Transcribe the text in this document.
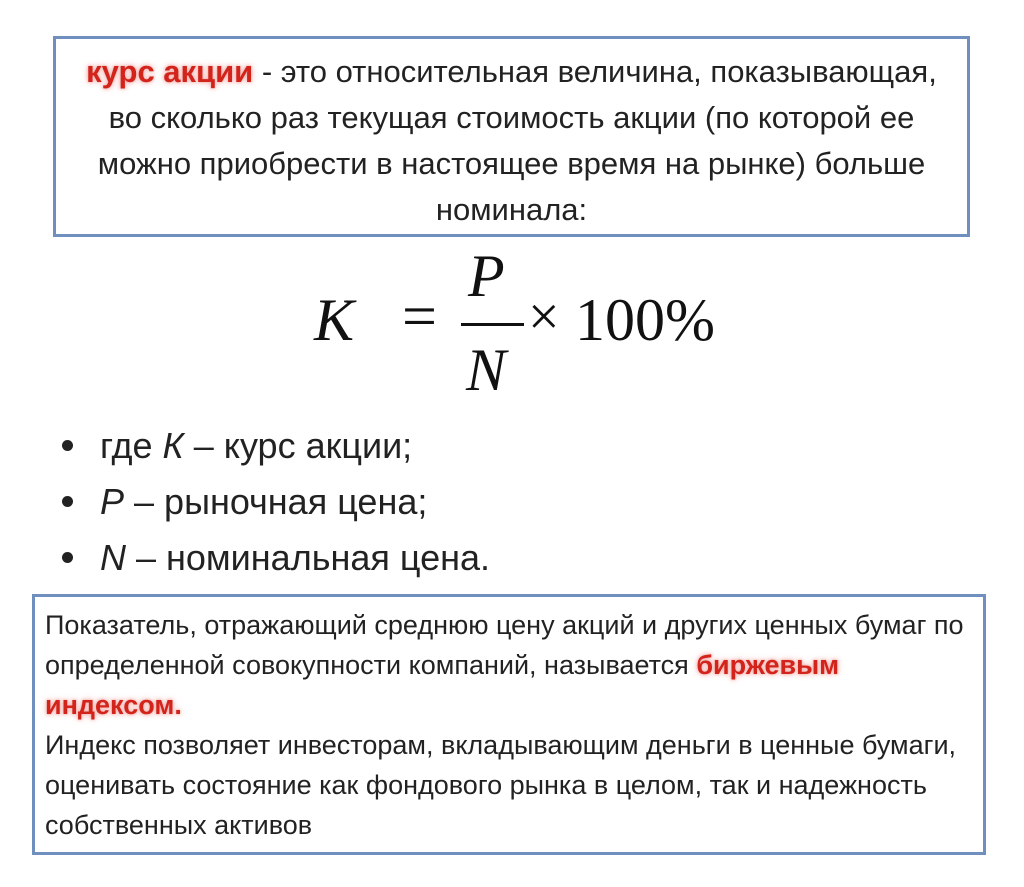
курс акции - это относительная величина, показывающая, во сколько раз текущая стоимость акции (по которой ее можно приобрести в настоящее время на рынке) больше номинала:
K =
P
N
× 100%
где К – курс акции;
P – рыночная цена;
N – номинальная цена.

Показатель, отражающий среднюю цену акций и других ценных бумаг по определенной совокупности компаний, называется биржевым индексом.

Индекс позволяет инвесторам, вкладывающим деньги в ценные бумаги, оценивать состояние как фондового рынка в целом, так и надежность собственных активов
